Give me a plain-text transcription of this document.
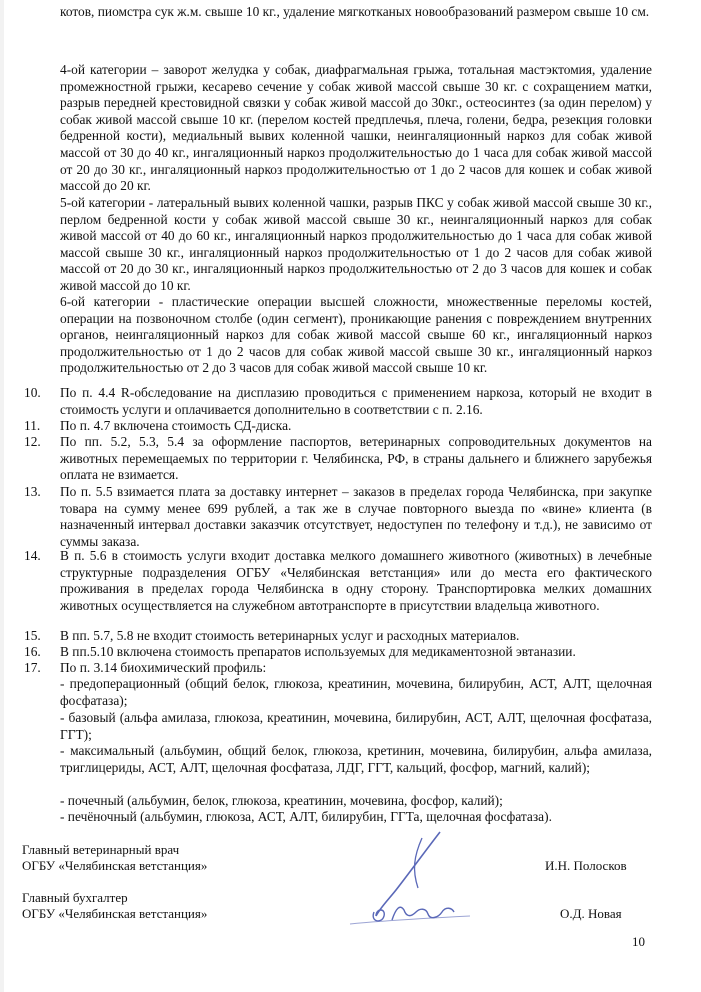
котов, пиомстра сук ж.м. свыше 10 кг., удаление мягкотканых новообразований размером свыше 10 см.

4-ой категории – заворот желудка у собак, диафрагмальная грыжа, тотальная мастэктомия, удаление промежностной грыжи, кесарево сечение у собак живой массой свыше 30 кг. с сохращением матки, разрыв передней крестовидной связки у собак живой массой до 30кг., остеосинтез (за один перелом) у собак живой массой свыше 10 кг. (перелом костей предплечья, плеча, голени, бедра, резекция головки бедренной кости), медиальный вывих коленной чашки, неингаляционный наркоз для собак живой массой от 30 до 40 кг., ингаляционный наркоз продолжительностью до 1 часа для собак живой массой от 20 до 30 кг., ингаляционный наркоз продолжительностью от 1 до 2 часов для кошек и собак живой массой до 20 кг.

5-ой категории - латеральный вывих коленной чашки, разрыв ПКС у собак живой массой свыше 30 кг., перлом бедренной кости у собак живой массой свыше 30 кг., неингаляционный наркоз для собак живой массой от 40 до 60 кг., ингаляционный наркоз продолжительностью до 1 часа для собак живой массой свыше 30 кг., ингаляционный наркоз продолжительностью от 1 до 2 часов для собак живой массой от 20 до 30 кг., ингаляционный наркоз продолжительностью от 2 до 3 часов для кошек и собак живой массой до 10 кг.

6-ой категории - пластические операции высшей сложности, множественные переломы костей, операции на позвоночном столбе (один сегмент), проникающие ранения с повреждением внутренних органов, неингаляционный наркоз для собак живой массой свыше 60 кг., ингаляционный наркоз продолжительностью от 1 до 2 часов для собак живой массой свыше 30 кг., ингаляционный наркоз продолжительностью от 2 до 3 часов для собак живой массой свыше 10 кг.

10.	По п. 4.4 R-обследование на дисплазию проводиться с применением наркоза, который не входит в стоимость услуги и оплачивается дополнительно в соответствии с п. 2.16.

11.	По п. 4.7 включена стоимость СД-диска.

12.	По пп. 5.2, 5.3, 5.4 за оформление паспортов, ветеринарных сопроводительных документов на животных перемещаемых по территории г. Челябинска, РФ, в страны дальнего и ближнего зарубежья оплата не взимается.

13.	По п. 5.5 взимается плата за доставку интернет – заказов в пределах города Челябинска, при закупке товара на сумму менее 699 рублей, а так же в случае повторного выезда по «вине» клиента (в назначенный интервал доставки заказчик отсутствует, недоступен по телефону и т.д.), не зависимо от суммы заказа.

14.	В п. 5.6 в стоимость услуги входит доставка мелкого домашнего животного (животных) в лечебные структурные подразделения ОГБУ «Челябинская ветстанция» или до места его фактического проживания в пределах города Челябинска в одну сторону. Транспортировка мелких домашних животных осуществляется на служебном автотранспорте в присутствии владельца животного.

15.	В пп. 5.7, 5.8 не входит стоимость ветеринарных услуг и расходных материалов.

16.	В пп.5.10 включена стоимость препаратов используемых для медикаментозной эвтаназии.

17.	По п. 3.14 биохимический профиль:

- предоперационный (общий белок, глюкоза, креатинин, мочевина, билирубин, АСТ, АЛТ, щелочная фосфатаза);

- базовый (альфа амилаза, глюкоза, креатинин, мочевина, билирубин, АСТ, АЛТ, щелочная фосфатаза, ГГТ);

- максимальный (альбумин, общий белок, глюкоза, кретинин, мочевина, билирубин, альфа амилаза, триглицериды, АСТ, АЛТ, щелочная фосфатаза, ЛДГ, ГГТ, кальций, фосфор, магний, калий);

- почечный (альбумин, белок, глюкоза, креатинин, мочевина, фосфор, калий);

- печёночный (альбумин, глюкоза, АСТ, АЛТ, билирубин, ГГТа, щелочная фосфатаза).

Главный ветеринарный врач
ОГБУ «Челябинская ветстанция»	И.Н. Полосков
Главный бухгалтер
ОГБУ «Челябинская ветстанция»	О.Д. Новая
10
